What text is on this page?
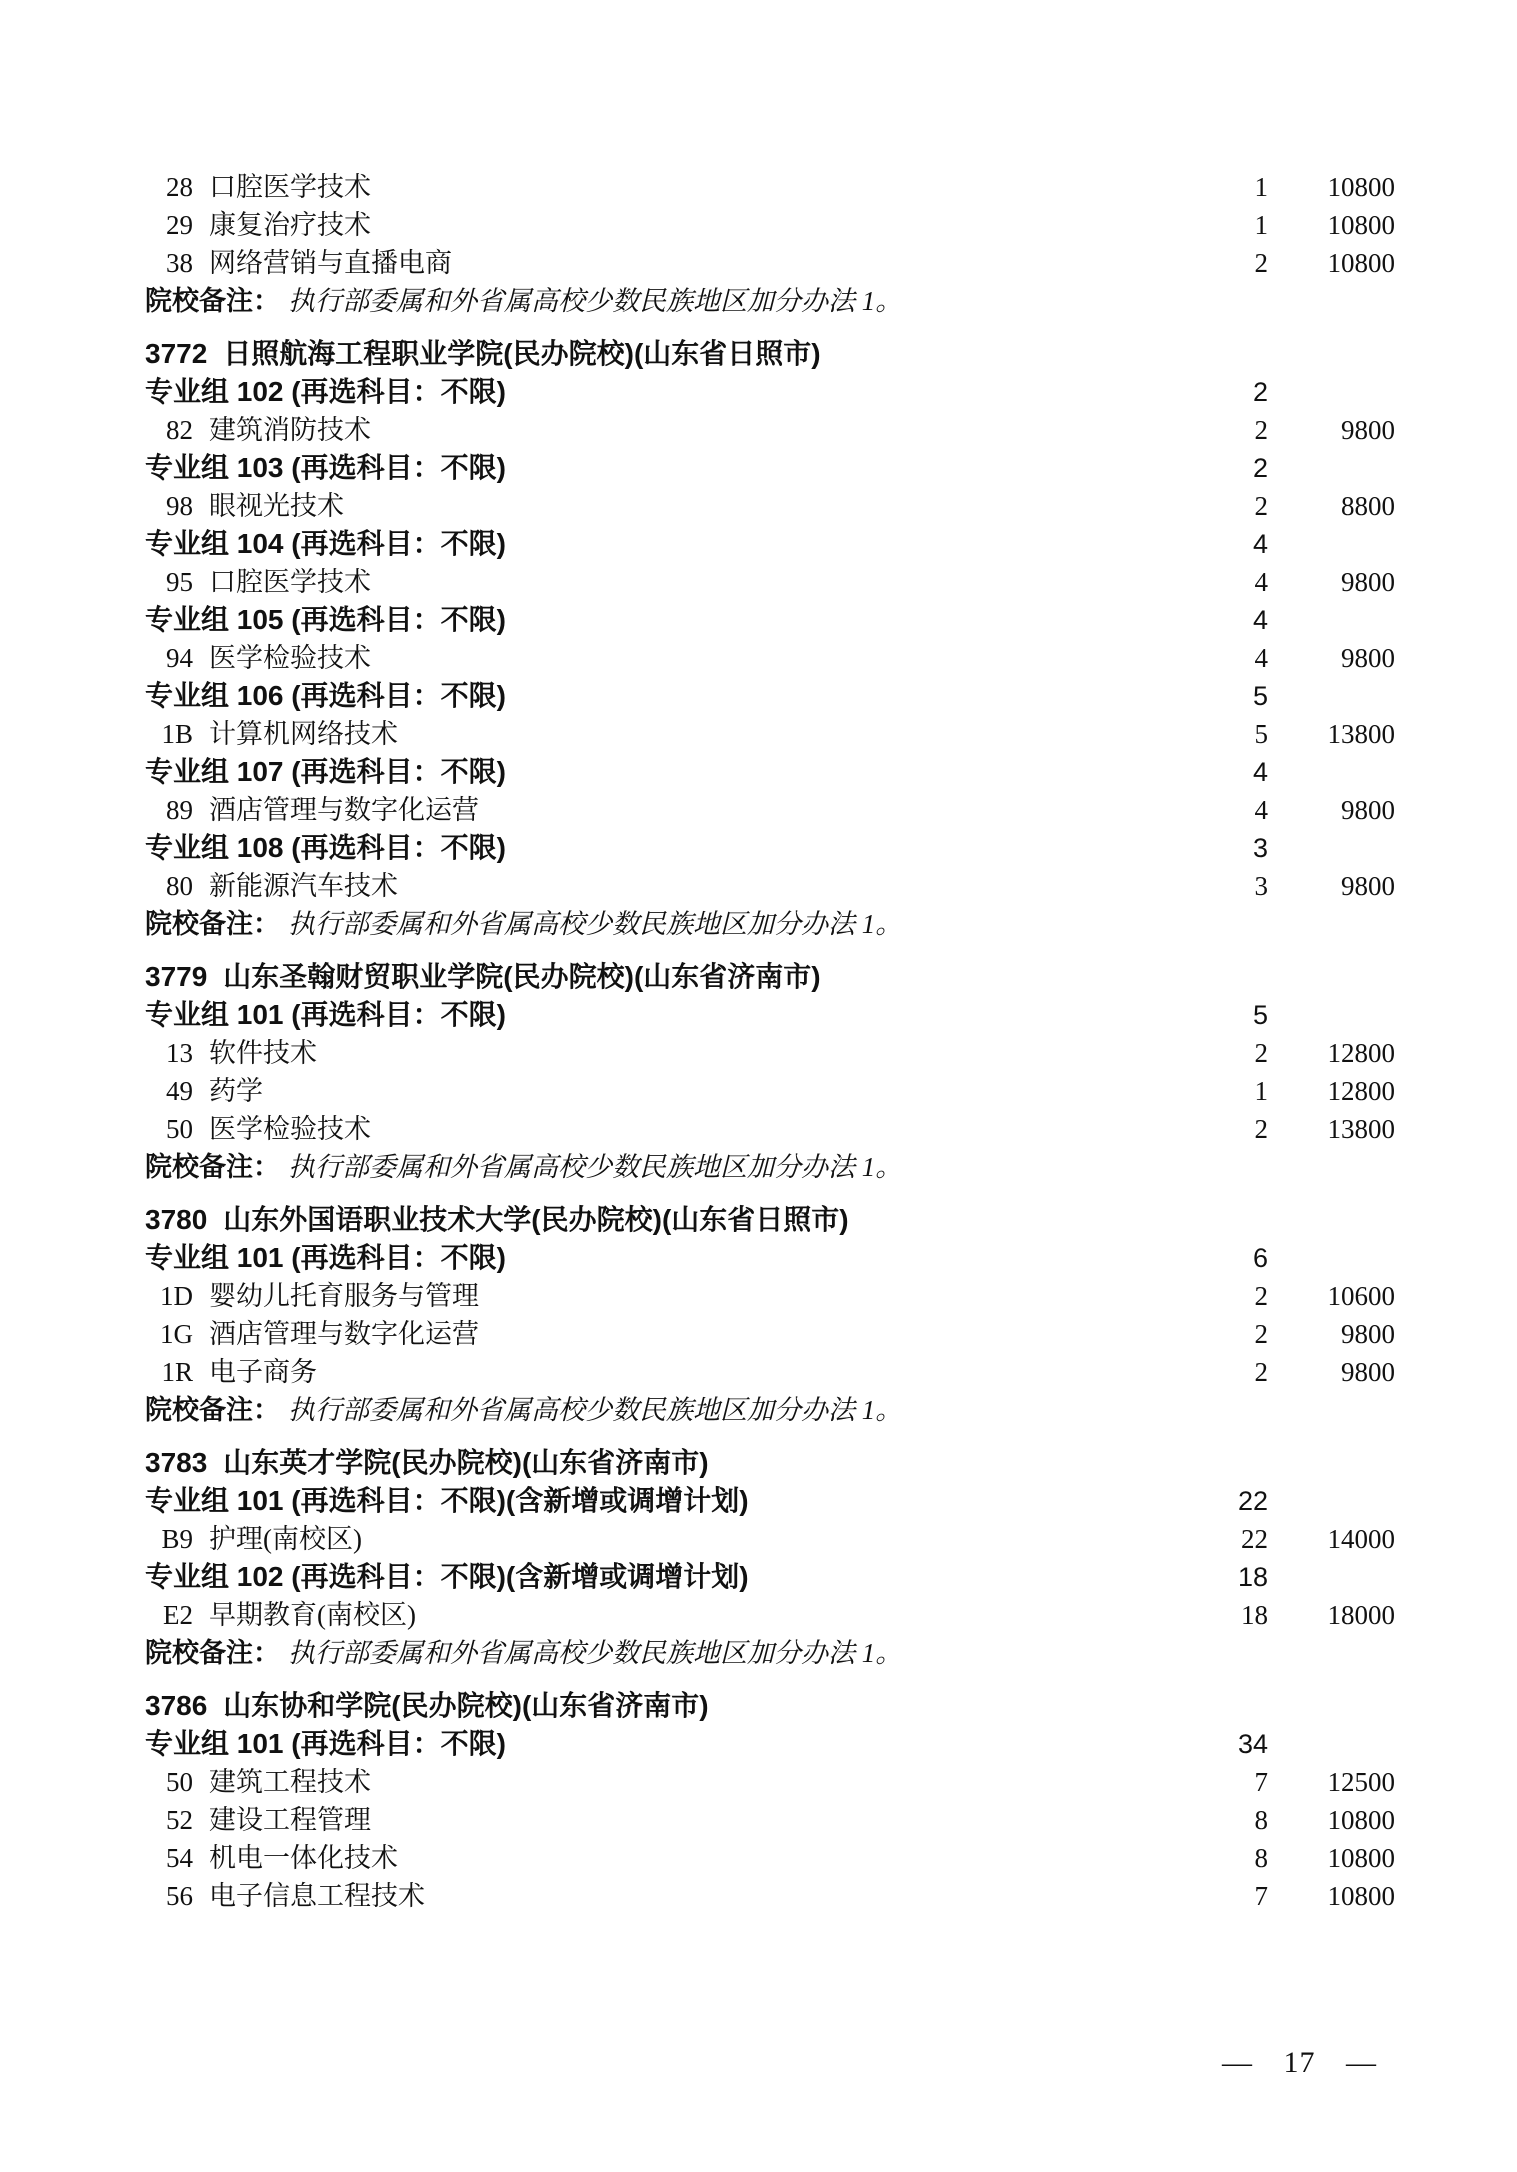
28 口腔医学技术	1	10800
29 康复治疗技术	1	10800
38 网络营销与直播电商	2	10800
院校备注： 执行部委属和外省属高校少数民族地区加分办法 1。
3772 日照航海工程职业学院(民办院校)(山东省日照市)
专业组 102 (再选科目：不限)	2
82 建筑消防技术	2	9800
专业组 103 (再选科目：不限)	2
98 眼视光技术	2	8800
专业组 104 (再选科目：不限)	4
95 口腔医学技术	4	9800
专业组 105 (再选科目：不限)	4
94 医学检验技术	4	9800
专业组 106 (再选科目：不限)	5
1B 计算机网络技术	5	13800
专业组 107 (再选科目：不限)	4
89 酒店管理与数字化运营	4	9800
专业组 108 (再选科目：不限)	3
80 新能源汽车技术	3	9800
院校备注： 执行部委属和外省属高校少数民族地区加分办法 1。
3779 山东圣翰财贸职业学院(民办院校)(山东省济南市)
专业组 101 (再选科目：不限)	5
13 软件技术	2	12800
49 药学	1	12800
50 医学检验技术	2	13800
院校备注： 执行部委属和外省属高校少数民族地区加分办法 1。
3780 山东外国语职业技术大学(民办院校)(山东省日照市)
专业组 101 (再选科目：不限)	6
1D 婴幼儿托育服务与管理	2	10600
1G 酒店管理与数字化运营	2	9800
1R 电子商务	2	9800
院校备注： 执行部委属和外省属高校少数民族地区加分办法 1。
3783 山东英才学院(民办院校)(山东省济南市)
专业组 101 (再选科目：不限)(含新增或调增计划)	22
B9 护理(南校区)	22	14000
专业组 102 (再选科目：不限)(含新增或调增计划)	18
E2 早期教育(南校区)	18	18000
院校备注： 执行部委属和外省属高校少数民族地区加分办法 1。
3786 山东协和学院(民办院校)(山东省济南市)
专业组 101 (再选科目：不限)	34
50 建筑工程技术	7	12500
52 建设工程管理	8	10800
54 机电一体化技术	8	10800
56 电子信息工程技术	7	10800
— 17 —
